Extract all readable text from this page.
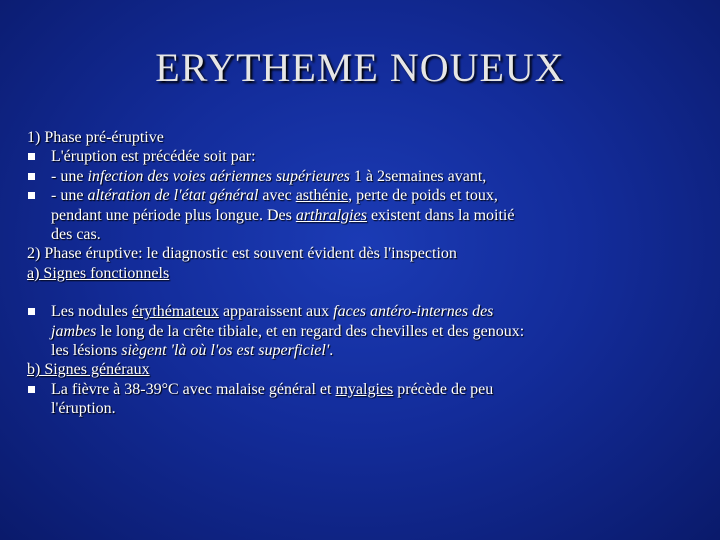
ERYTHEME NOUEUX
1) Phase pré-éruptive
L'éruption est précédée soit par:
- une infection des voies aériennes supérieures 1 à 2semaines avant,
- une altération de l'état général avec asthénie, perte de poids et toux,
pendant une période plus longue. Des arthralgies existent dans la moitié
des cas.
2) Phase éruptive: le diagnostic est souvent évident dès l'inspection
a) Signes fonctionnels
Les nodules érythémateux apparaissent aux faces antéro-internes des
jambes le long de la crête tibiale, et en regard des chevilles et des genoux:
les lésions siègent 'là où l'os est superficiel'.
b) Signes généraux
La fièvre à 38-39°C avec malaise général et myalgies précède de peu
l'éruption.
